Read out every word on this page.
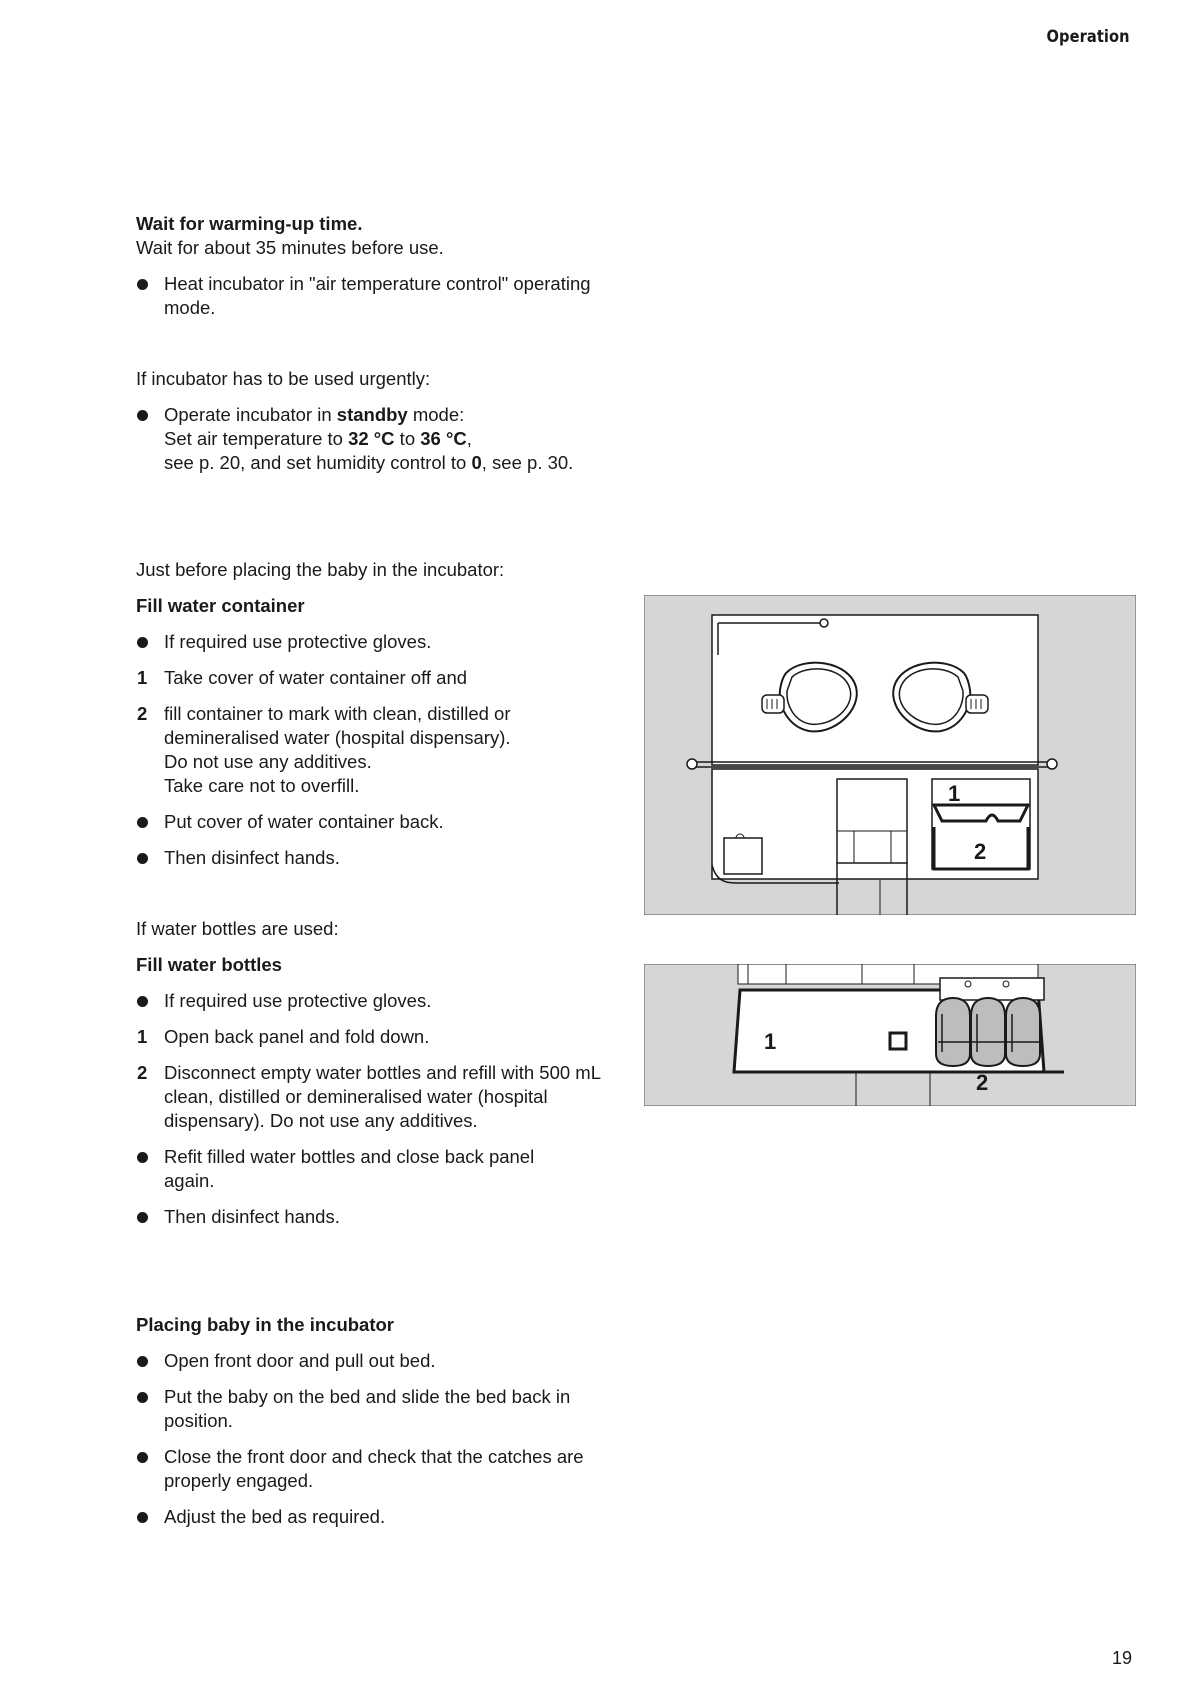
Operation

Wait for warming-up time.

Wait for about 35 minutes before use.

Heat incubator in "air temperature control" operating mode.

If incubator has to be used urgently:

Operate incubator in standby mode:
Set air temperature to 32 °C to 36 °C,
see p. 20, and set humidity control to 0, see p. 30.

Just before placing the baby in the incubator:

Fill water container

If required use protective gloves.

1 Take cover of water container off and

2 fill container to mark with clean, distilled or
demineralised water (hospital dispensary).
Do not use any additives.
Take care not to overfill.

Put cover of water container back.

Then disinfect hands.

If water bottles are used:

Fill water bottles

If required use protective gloves.

1 Open back panel and fold down.

2 Disconnect empty water bottles and refill with 500 mL clean, distilled or demineralised water (hospital dispensary). Do not use any additives.

Refit filled water bottles and close back panel again.

Then disinfect hands.

Placing baby in the incubator

Open front door and pull out bed.

Put the baby on the bed and slide the bed back in position.

Close the front door and check that the catches are properly engaged.

Adjust the bed as required.

1
2
1
2
19
